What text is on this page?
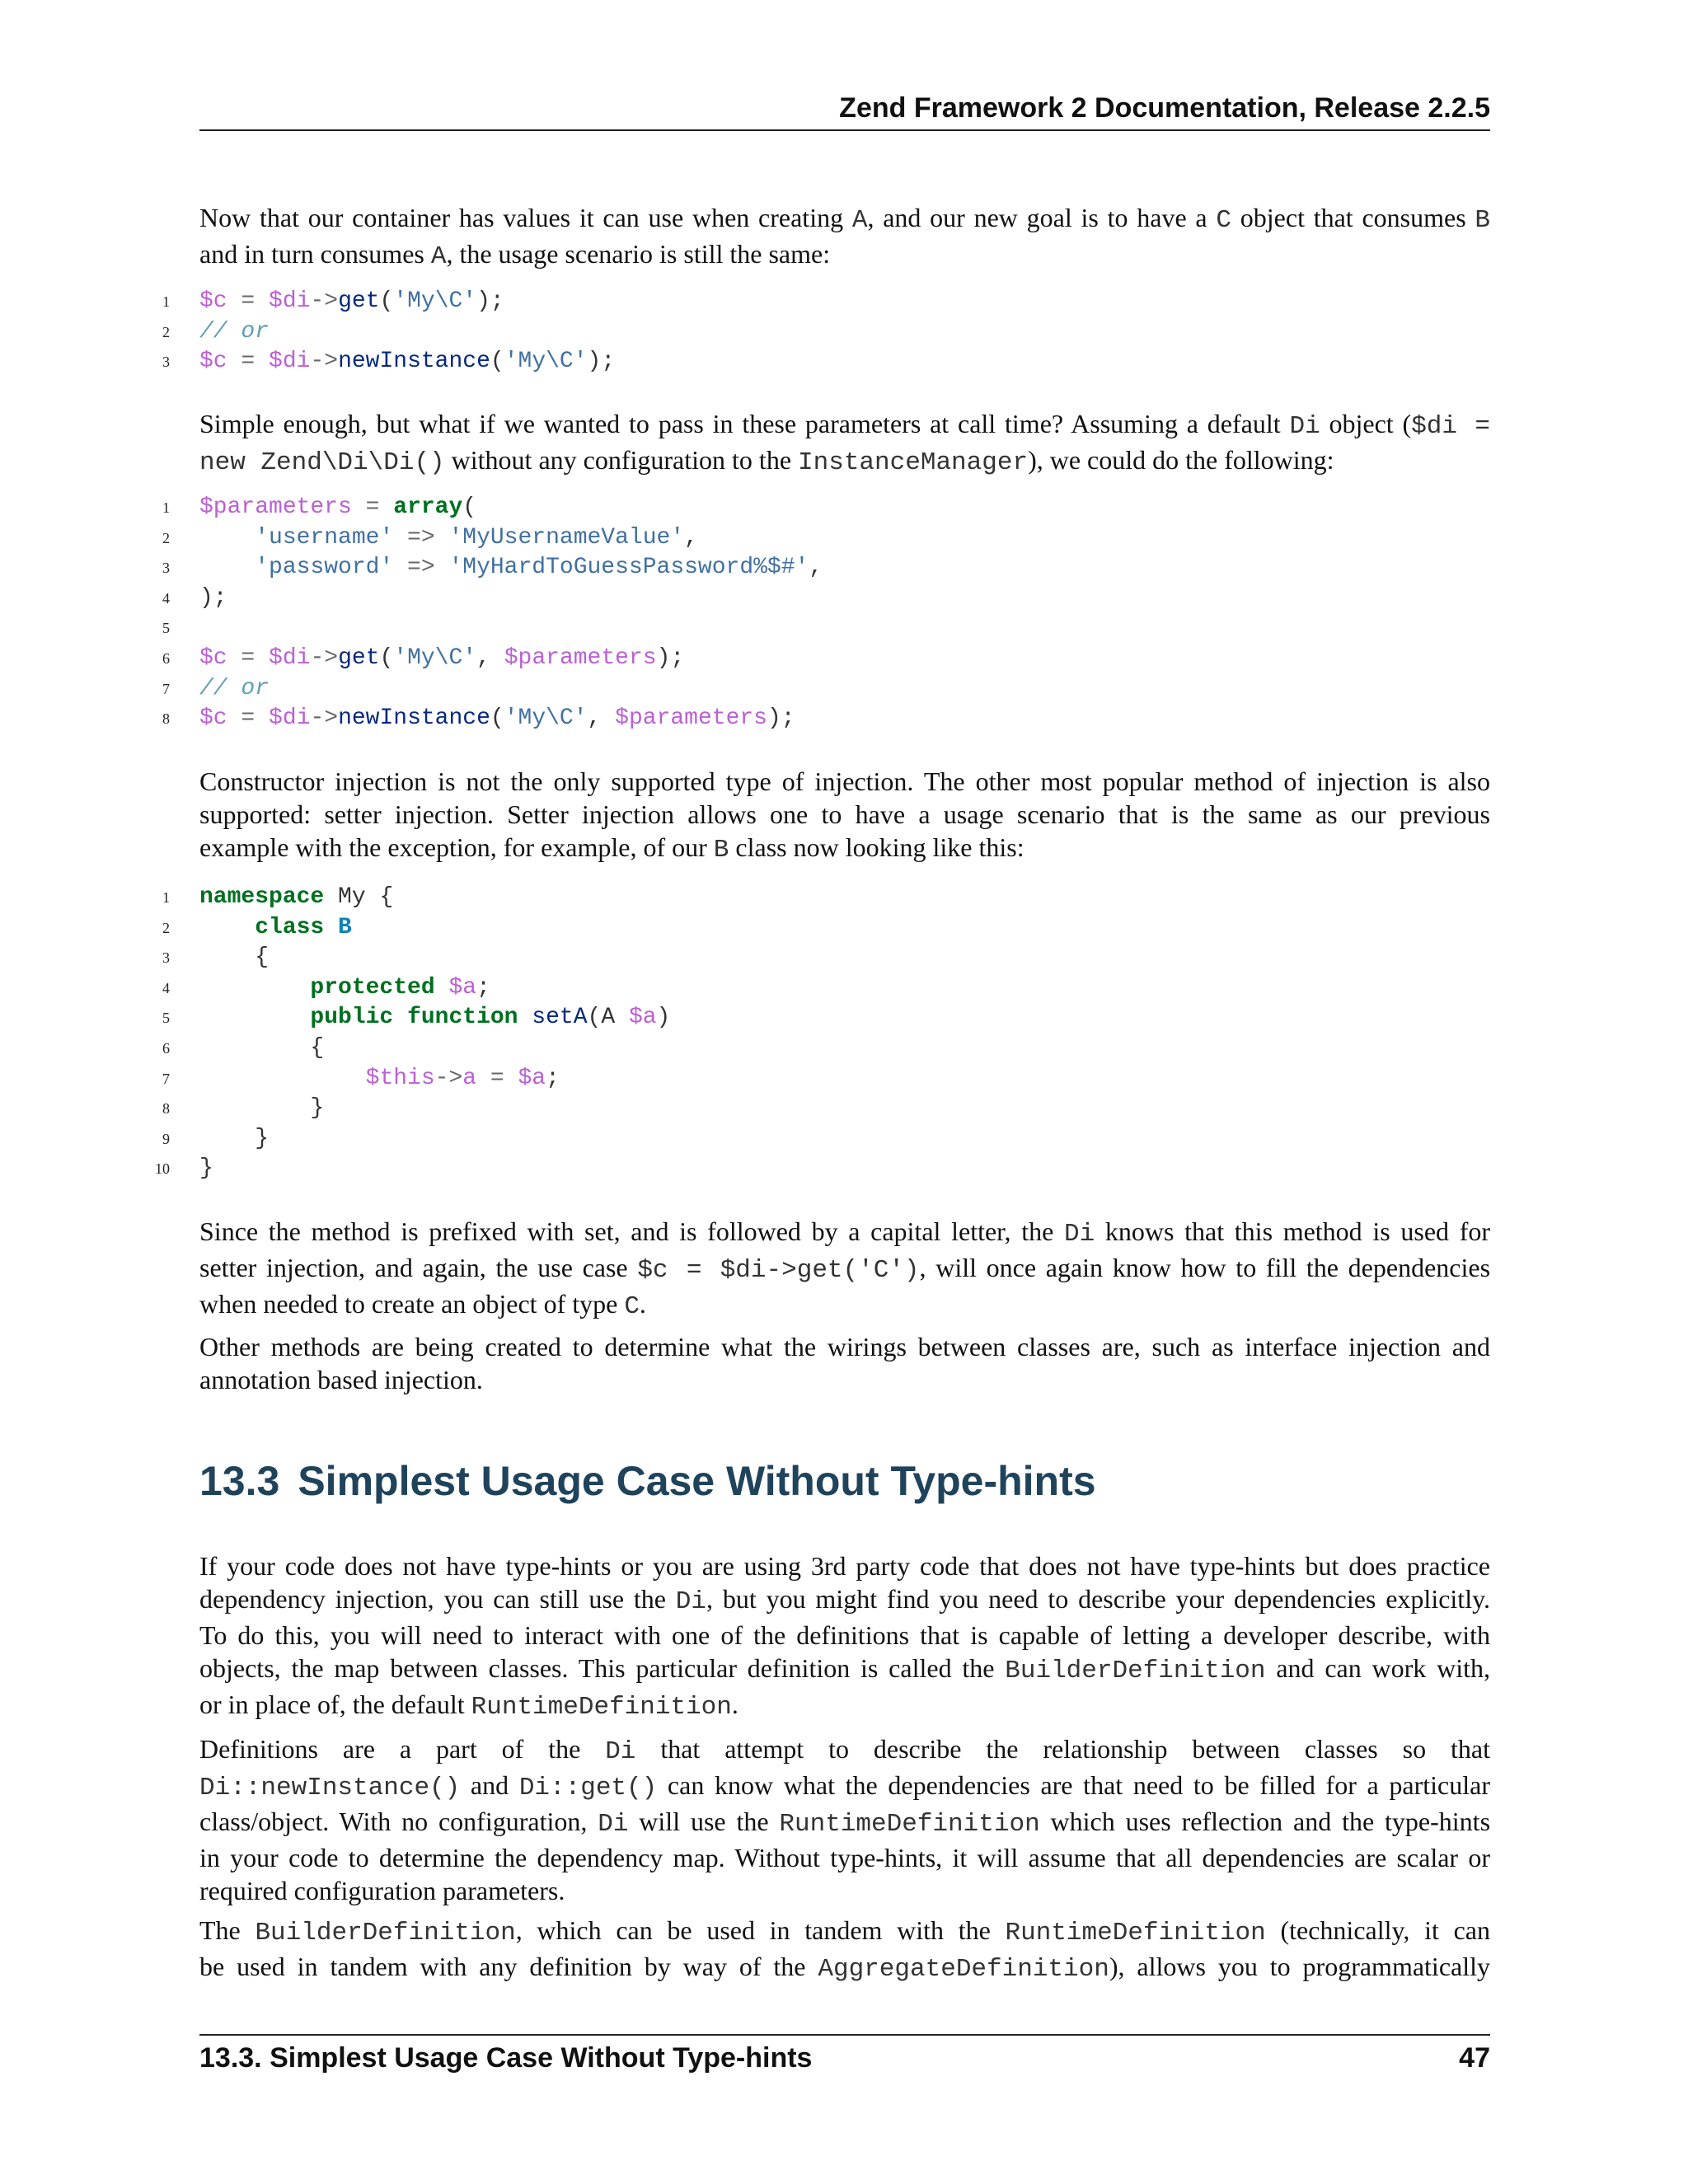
Zend Framework 2 Documentation, Release 2.2.5
Now that our container has values it can use when creating A, and our new goal is to have a C object that consumes B
and in turn consumes A, the usage scenario is still the same:
1 $c = $di->get('My\C');
2 // or
3 $c = $di->newInstance('My\C');
Simple enough, but what if we wanted to pass in these parameters at call time? Assuming a default Di object ($di =
new Zend\Di\Di() without any configuration to the InstanceManager), we could do the following:
1 $parameters = array(
2	'username' => 'MyUsernameValue',
3	'password' => 'MyHardToGuessPassword%$#',
4 );
5
6 $c = $di->get('My\C', $parameters);
7 // or
8 $c = $di->newInstance('My\C', $parameters);
Constructor injection is not the only supported type of injection. The other most popular method of injection is also
supported: setter injection. Setter injection allows one to have a usage scenario that is the same as our previous
example with the exception, for example, of our B class now looking like this:
1 namespace My {
2	class B
3 {
4	protected $a;
5	public function setA(A $a)
6 {
7	$this->a = $a;
8 }
9 }
10 }
Since the method is prefixed with set, and is followed by a capital letter, the Di knows that this method is used for
setter injection, and again, the use case $c = $di->get('C'), will once again know how to fill the dependencies
when needed to create an object of type C.
Other methods are being created to determine what the wirings between classes are, such as interface injection and
annotation based injection.
13.3 Simplest Usage Case Without Type-hints
If your code does not have type-hints or you are using 3rd party code that does not have type-hints but does practice
dependency injection, you can still use the Di, but you might find you need to describe your dependencies explicitly.
To do this, you will need to interact with one of the definitions that is capable of letting a developer describe, with
objects, the map between classes. This particular definition is called the BuilderDefinition and can work with,
or in place of, the default RuntimeDefinition.
Definitions are a part of the Di that attempt to describe the relationship between classes so that
Di::newInstance() and Di::get() can know what the dependencies are that need to be filled for a particular
class/object. With no configuration, Di will use the RuntimeDefinition which uses reflection and the type-hints
in your code to determine the dependency map. Without type-hints, it will assume that all dependencies are scalar or
required configuration parameters.
The BuilderDefinition, which can be used in tandem with the RuntimeDefinition (technically, it can
be used in tandem with any definition by way of the AggregateDefinition), allows you to programmatically
13.3. Simplest Usage Case Without Type-hints	47
